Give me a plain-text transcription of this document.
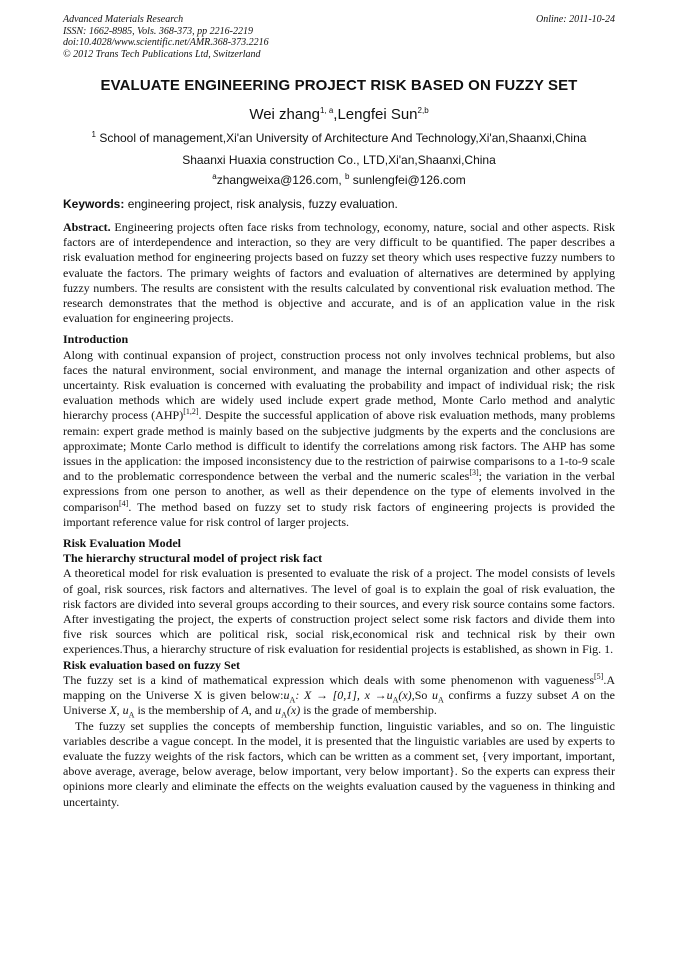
Advanced Materials Research
ISSN: 1662-8985, Vols. 368-373, pp 2216-2219
doi:10.4028/www.scientific.net/AMR.368-373.2216
© 2012 Trans Tech Publications Ltd, Switzerland
Online: 2011-10-24
EVALUATE ENGINEERING PROJECT RISK BASED ON FUZZY SET
Wei zhang$^{1, a}$,Lengfei Sun$^{2,b}$
$^1$ School of management,Xi'an University of Architecture And Technology,Xi'an,Shaanxi,China
Shaanxi Huaxia construction Co., LTD,Xi'an,Shaanxi,China
$^a$zhangweixa@126.com, $^b$ sunlengfei@126.com
Keywords: engineering project, risk analysis, fuzzy evaluation.
Abstract. Engineering projects often face risks from technology, economy, nature, social and other aspects. Risk factors are of interdependence and interaction, so they are very difficult to be quantified. The paper describes a risk evaluation method for engineering projects based on fuzzy set theory which uses respective fuzzy numbers to evaluate the factors. The primary weights of factors and evaluation of alternatives are determined by applying fuzzy numbers. The results are consistent with the results calculated by conventional risk evaluation method. The research demonstrates that the method is objective and accurate, and is of an application value in the risk evaluation for engineering projects.
Introduction
Along with continual expansion of project, construction process not only involves technical problems, but also faces the natural environment, social environment, and manage the internal organization and other aspects of uncertainty. Risk evaluation is concerned with evaluating the probability and impact of individual risk; the risk evaluation methods which are widely used include expert grade method, Monte Carlo method and analytic hierarchy process (AHP)[1,2]. Despite the successful application of above risk evaluation methods, many problems remain: expert grade method is mainly based on the subjective judgments by the experts and the conclusions are approximate; Monte Carlo method is difficult to identify the correlations among risk factors. The AHP has some issues in the application: the imposed inconsistency due to the restriction of pairwise comparisons to a 1-to-9 scale and to the problematic correspondence between the verbal and the numeric scales[3]; the variation in the verbal expressions from one person to another, as well as their dependence on the type of elements involved in the comparison[4]. The method based on fuzzy set to study risk factors of engineering projects is provided the important reference value for risk control of larger projects.
Risk Evaluation Model
The hierarchy structural model of project risk fact
A theoretical model for risk evaluation is presented to evaluate the risk of a project. The model consists of levels of goal, risk sources, risk factors and alternatives. The level of goal is to explain the goal of risk evaluation, the risk factors are divided into several groups according to their sources, and every risk source contains some factors. After investigating the project, the experts of construction project select some risk factors and divide them into five risk sources which are political risk, social risk,economical risk and technical risk by their own experiences.Thus, a hierarchy structure of risk evaluation for residential projects is established, as shown in Fig. 1.
Risk evaluation based on fuzzy Set
The fuzzy set is a kind of mathematical expression which deals with some phenomenon with vagueness[5].A mapping on the Universe X is given $below:u_A$: X → [0,1], $x \to u_A(x),So$ $u_A$ confirms a fuzzy subset A on the Universe X, $u_A$ is the membership of A, and $u_A(x)$ is the grade of membership.
The fuzzy set supplies the concepts of membership function, linguistic variables, and so on. The linguistic variables describe a vague concept. In the model, it is presented that the linguistic variables are used by experts to evaluate the fuzzy weights of the risk factors, which can be written as a comment set, {very important, important, above average, average, below average, below important, very below important}. So the experts can express their opinions more clearly and eliminate the effects on the weights evaluation caused by the vagueness in thinking and uncertainty.
